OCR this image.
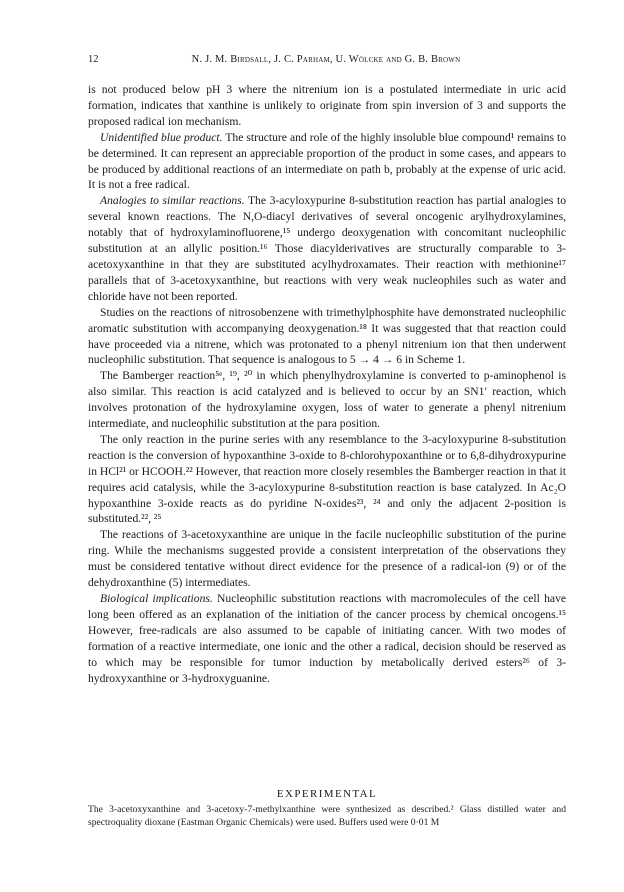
12	N. J. M. Birdsall, J. C. Parham, U. Wölcke and G. B. Brown

is not produced below pH 3 where the nitrenium ion is a postulated intermediate in uric acid formation, indicates that xanthine is unlikely to originate from spin inversion of 3 and supports the proposed radical ion mechanism.

Unidentified blue product. The structure and role of the highly insoluble blue compound¹ remains to be determined. It can represent an appreciable proportion of the product in some cases, and appears to be produced by additional reactions of an intermediate on path b, probably at the expense of uric acid. It is not a free radical.

Analogies to similar reactions. The 3-acyloxypurine 8-substitution reaction has partial analogies to several known reactions. The N,O-diacyl derivatives of several oncogenic arylhydroxylamines, notably that of hydroxylaminofluorene,¹⁵ undergo deoxygenation with concomitant nucleophilic substitution at an allylic position.¹⁶ Those diacylderivatives are structurally comparable to 3-acetoxyxanthine in that they are substituted acylhydroxamates. Their reaction with methionine¹⁷ parallels that of 3-acetoxyxanthine, but reactions with very weak nucleophiles such as water and chloride have not been reported.

Studies on the reactions of nitrosobenzene with trimethylphosphite have demonstrated nucleophilic aromatic substitution with accompanying deoxygenation.¹⁸ It was suggested that that reaction could have proceeded via a nitrene, which was protonated to a phenyl nitrenium ion that then underwent nucleophilic substitution. That sequence is analogous to 5 → 4 → 6 in Scheme 1.

The Bamberger reaction⁵ᵉ, ¹⁹, ²⁰ in which phenylhydroxylamine is converted to p-aminophenol is also similar. This reaction is acid catalyzed and is believed to occur by an SN1′ reaction, which involves protonation of the hydroxylamine oxygen, loss of water to generate a phenyl nitrenium intermediate, and nucleophilic substitution at the para position.

The only reaction in the purine series with any resemblance to the 3-acyloxypurine 8-substitution reaction is the conversion of hypoxanthine 3-oxide to 8-chlorohypoxanthine or to 6,8-dihydroxypurine in HCl²¹ or HCOOH.²² However, that reaction more closely resembles the Bamberger reaction in that it requires acid catalysis, while the 3-acyloxypurine 8-substitution reaction is base catalyzed. In Ac₂O hypoxanthine 3-oxide reacts as do pyridine N-oxides²³, ²⁴ and only the adjacent 2-position is substituted.²², ²⁵

The reactions of 3-acetoxyxanthine are unique in the facile nucleophilic substitution of the purine ring. While the mechanisms suggested provide a consistent interpretation of the observations they must be considered tentative without direct evidence for the presence of a radical-ion (9) or of the dehydroxanthine (5) intermediates.

Biological implications. Nucleophilic substitution reactions with macromolecules of the cell have long been offered as an explanation of the initiation of the cancer process by chemical oncogens.¹⁵ However, free-radicals are also assumed to be capable of initiating cancer. With two modes of formation of a reactive intermediate, one ionic and the other a radical, decision should be reserved as to which may be responsible for tumor induction by metabolically derived esters²⁶ of 3-hydroxyxanthine or 3-hydroxyguanine.

EXPERIMENTAL
The 3-acetoxyxanthine and 3-acetoxy-7-methylxanthine were synthesized as described.² Glass distilled water and spectroquality dioxane (Eastman Organic Chemicals) were used. Buffers used were 0·01 M
